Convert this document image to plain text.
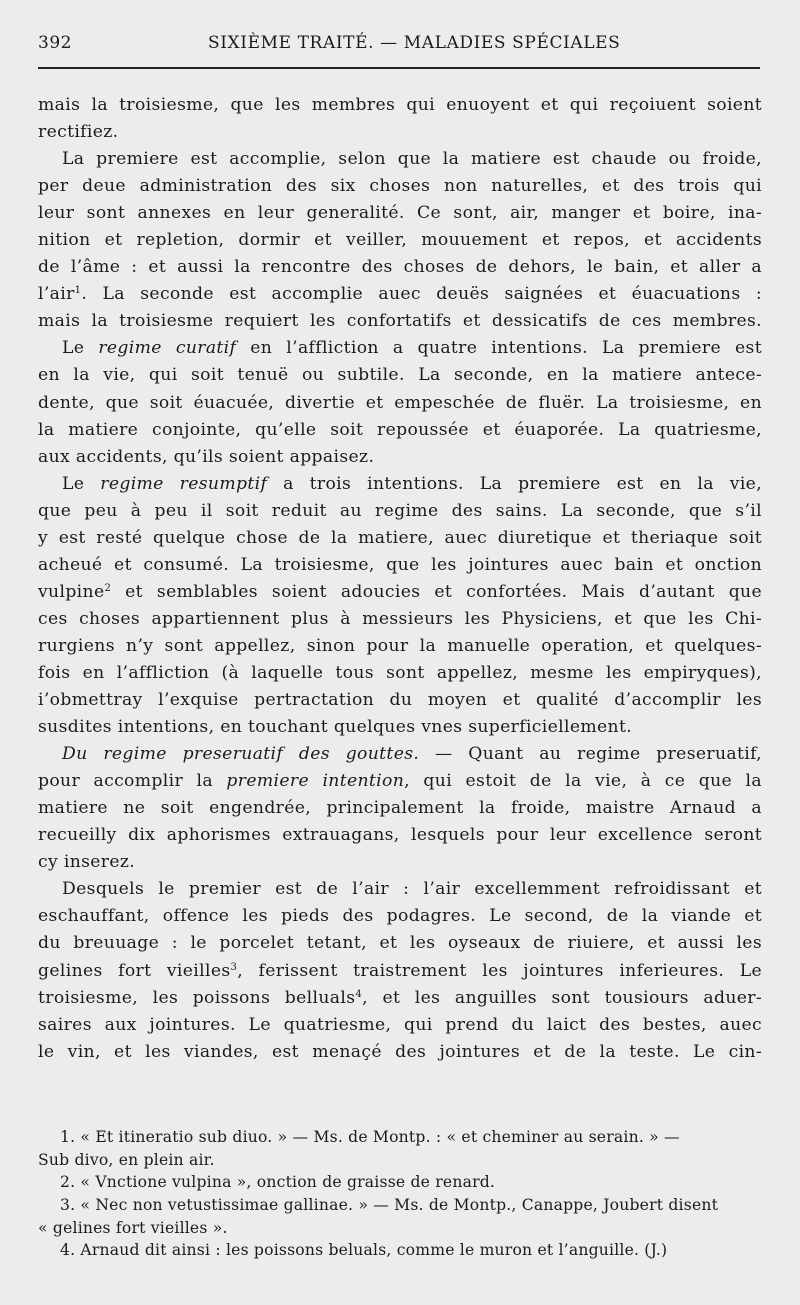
392	SIXIÈME TRAITÉ. — MALADIES SPÉCIALES
mais la troisiesme, que les membres qui enuoyent et qui reçoiuent soient
rectifiez.
La premiere est accomplie, selon que la matiere est chaude ou froide,
per deue administration des six choses non naturelles, et des trois qui
leur sont annexes en leur generalité. Ce sont, air, manger et boire, ina-
nition et repletion, dormir et veiller, mouuement et repos, et accidents
de l’âme : et aussi la rencontre des choses de dehors, le bain, et aller a
l’air$^1$. La seconde est accomplie auec deuës saignées et éuacuations :
mais la troisiesme requiert les confortatifs et dessicatifs de ces membres.
Le regime curatif en l’affliction a quatre intentions. La premiere est
en la vie, qui soit tenuë ou subtile. La seconde, en la matiere antece-
dente, que soit éuacuée, divertie et empeschée de fluër. La troisiesme, en
la matiere conjointe, qu’elle soit repoussée et éuaporée. La quatriesme,
aux accidents, qu’ils soient appaisez.
Le regime resumptif a trois intentions. La premiere est en la vie,
que peu à peu il soit reduit au regime des sains. La seconde, que s’il
y est resté quelque chose de la matiere, auec diuretique et theriaque soit
acheué et consumé. La troisiesme, que les jointures auec bain et onction
vulpine$^2$ et semblables soient adoucies et confortées. Mais d’autant que
ces choses appartiennent plus à messieurs les Physiciens, et que les Chi-
rurgiens n’y sont appellez, sinon pour la manuelle operation, et quelques-
fois en l’affliction (à laquelle tous sont appellez, mesme les empiryques),
i’obmettray l’exquise pertractation du moyen et qualité d’accomplir les
susdites intentions, en touchant quelques vnes superficiellement.
Du regime preseruatif des gouttes. — Quant au regime preseruatif,
pour accomplir la premiere intention, qui estoit de la vie, à ce que la
matiere ne soit engendrée, principalement la froide, maistre Arnaud a
recueilly dix aphorismes extrauagans, lesquels pour leur excellence seront
cy inserez.
Desquels le premier est de l’air : l’air excellemment refroidissant et
eschauffant, offence les pieds des podagres. Le second, de la viande et
du breuuage : le porcelet tetant, et les oyseaux de riuiere, et aussi les
gelines fort vieilles$^3$, ferissent traistrement les jointures inferieures. Le
troisiesme, les poissons belluals$^4$, et les anguilles sont tousiours aduer-
saires aux jointures. Le quatriesme, qui prend du laict des bestes, auec
le vin, et les viandes, est menaçé des jointures et de la teste. Le cin-
1. « Et itineratio sub diuo. » — Ms. de Montp. : « et cheminer au serain. » —
Sub divo, en plein air.
2. « Vnctione vulpina », onction de graisse de renard.
3. « Nec non vetustissimae gallinae. » — Ms. de Montp., Canappe, Joubert disent
« gelines fort vieilles ».
4. Arnaud dit ainsi : les poissons beluals, comme le muron et l’anguille. (J.)
